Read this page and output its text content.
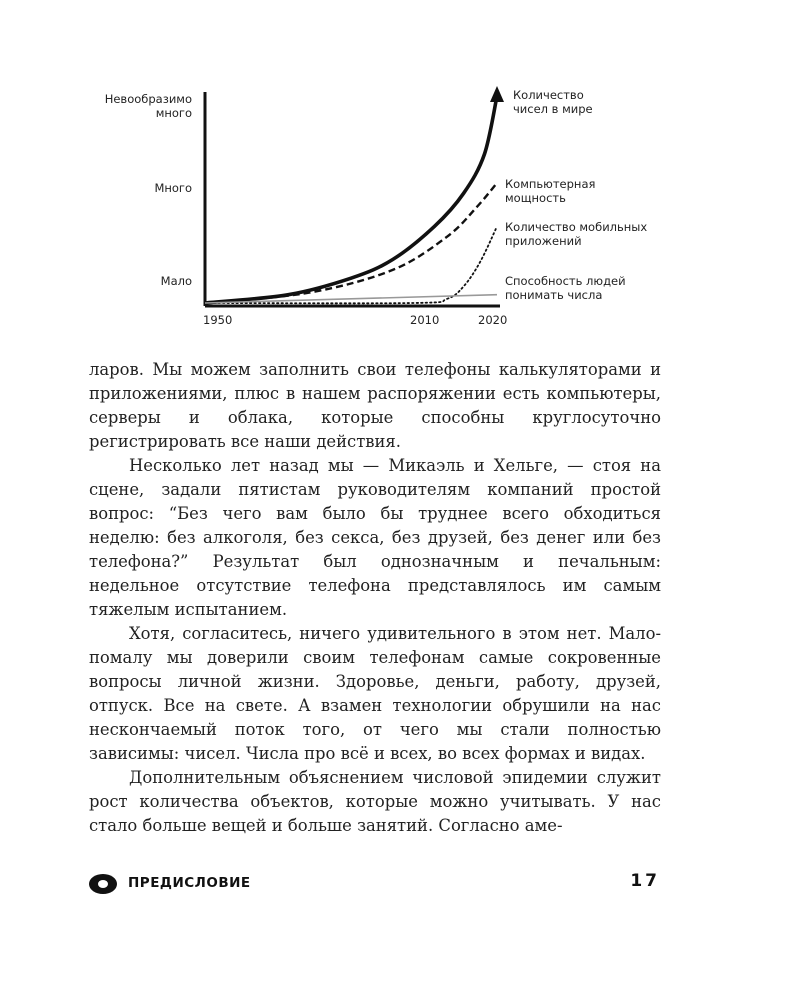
Невообразимо
много
Много
Мало
1950	2010	2020
Количество
чисел в мире
Компьютерная
мощность
Количество мобильных
приложений
Способность людей
понимать числа

ларов. Мы можем заполнить свои телефоны калькуляторами и приложениями, плюс в нашем распоряжении есть компьютеры, серверы и облака, которые способны круглосуточно регистрировать все наши действия.

Несколько лет назад мы — Микаэль и Хельге, — стоя на сцене, задали пятистам руководителям компаний простой вопрос: “Без чего вам было бы труднее всего обходиться неделю: без алкоголя, без секса, без друзей, без денег или без телефона?” Результат был однозначным и печальным: недельное отсутствие телефона представлялось им самым тяжелым испытанием.

Хотя, согласитесь, ничего удивительного в этом нет. Мало-помалу мы доверили своим телефонам самые сокровенные вопросы личной жизни. Здоровье, деньги, работу, друзей, отпуск. Все на свете. А взамен технологии обрушили на нас нескончаемый поток того, от чего мы стали полностью зависимы: чисел. Числа про всё и всех, во всех формах и видах.

Дополнительным объяснением числовой эпидемии служит рост количества объектов, которые можно учитывать. У нас стало больше вещей и больше занятий. Согласно аме-

ПРЕДИСЛОВИЕ	17
